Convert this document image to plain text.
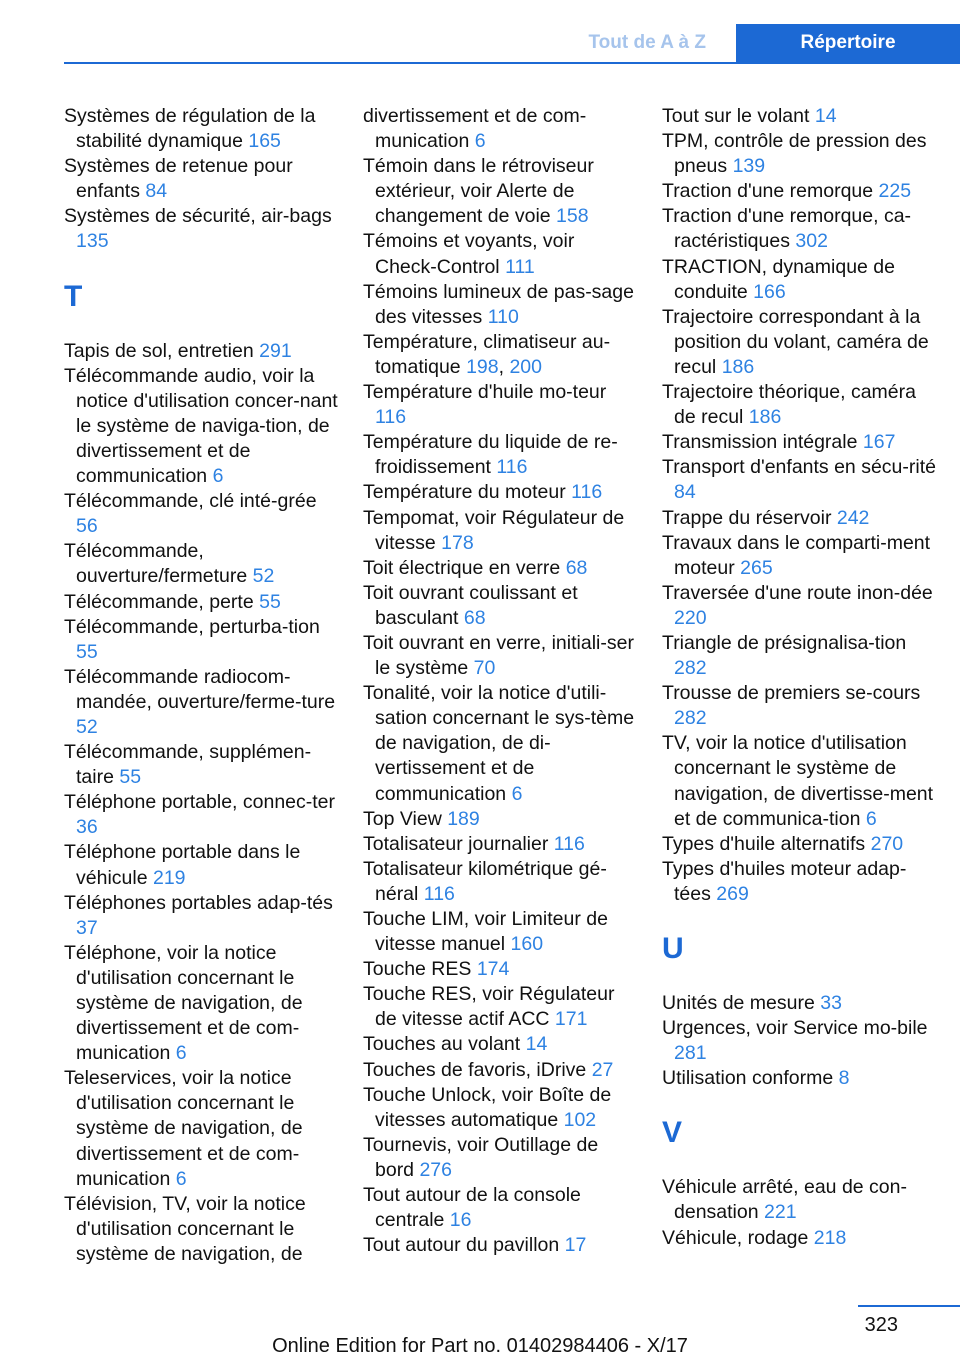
Tout de A à Z	Répertoire
Systèmes de régulation de la stabilité dynamique 165
Systèmes de retenue pour enfants 84
Systèmes de sécurité, air-bags 135
T
Tapis de sol, entretien 291
Télécommande audio, voir la notice d'utilisation concer-nant le système de naviga-tion, de divertissement et de communication 6
Télécommande, clé inté-grée 56
Télécommande, ouverture/fermeture 52
Télécommande, perte 55
Télécommande, perturba-tion 55
Télécommande radiocom-mandée, ouverture/ferme-ture 52
Télécommande, supplémen-taire 55
Téléphone portable, connec-ter 36
Téléphone portable dans le véhicule 219
Téléphones portables adap-tés 37
Téléphone, voir la notice d'utilisation concernant le système de navigation, de divertissement et de com-munication 6
Teleservices, voir la notice d'utilisation concernant le système de navigation, de divertissement et de com-munication 6
Télévision, TV, voir la notice d'utilisation concernant le système de navigation, de
divertissement et de com-munication 6
Témoin dans le rétroviseur extérieur, voir Alerte de changement de voie 158
Témoins et voyants, voir Check-Control 111
Témoins lumineux de pas-sage des vitesses 110
Température, climatiseur au-tomatique 198, 200
Température d'huile mo-teur 116
Température du liquide de re-froidissement 116
Température du moteur 116
Tempomat, voir Régulateur de vitesse 178
Toit électrique en verre 68
Toit ouvrant coulissant et basculant 68
Toit ouvrant en verre, initiali-ser le système 70
Tonalité, voir la notice d'utili-sation concernant le sys-tème de navigation, de di-vertissement et de communication 6
Top View 189
Totalisateur journalier 116
Totalisateur kilométrique gé-néral 116
Touche LIM, voir Limiteur de vitesse manuel 160
Touche RES 174
Touche RES, voir Régulateur de vitesse actif ACC 171
Touches au volant 14
Touches de favoris, iDrive 27
Touche Unlock, voir Boîte de vitesses automatique 102
Tournevis, voir Outillage de bord 276
Tout autour de la console centrale 16
Tout autour du pavillon 17
Tout sur le volant 14
TPM, contrôle de pression des pneus 139
Traction d'une remorque 225
Traction d'une remorque, ca-ractéristiques 302
TRACTION, dynamique de conduite 166
Trajectoire correspondant à la position du volant, caméra de recul 186
Trajectoire théorique, caméra de recul 186
Transmission intégrale 167
Transport d'enfants en sécu-rité 84
Trappe du réservoir 242
Travaux dans le comparti-ment moteur 265
Traversée d'une route inon-dée 220
Triangle de présignalisa-tion 282
Trousse de premiers se-cours 282
TV, voir la notice d'utilisation concernant le système de navigation, de divertisse-ment et de communica-tion 6
Types d'huile alternatifs 270
Types d'huiles moteur adap-tées 269
U
Unités de mesure 33
Urgences, voir Service mo-bile 281
Utilisation conforme 8
V
Véhicule arrêté, eau de con-densation 221
Véhicule, rodage 218
323
Online Edition for Part no. 01402984406 - X/17
